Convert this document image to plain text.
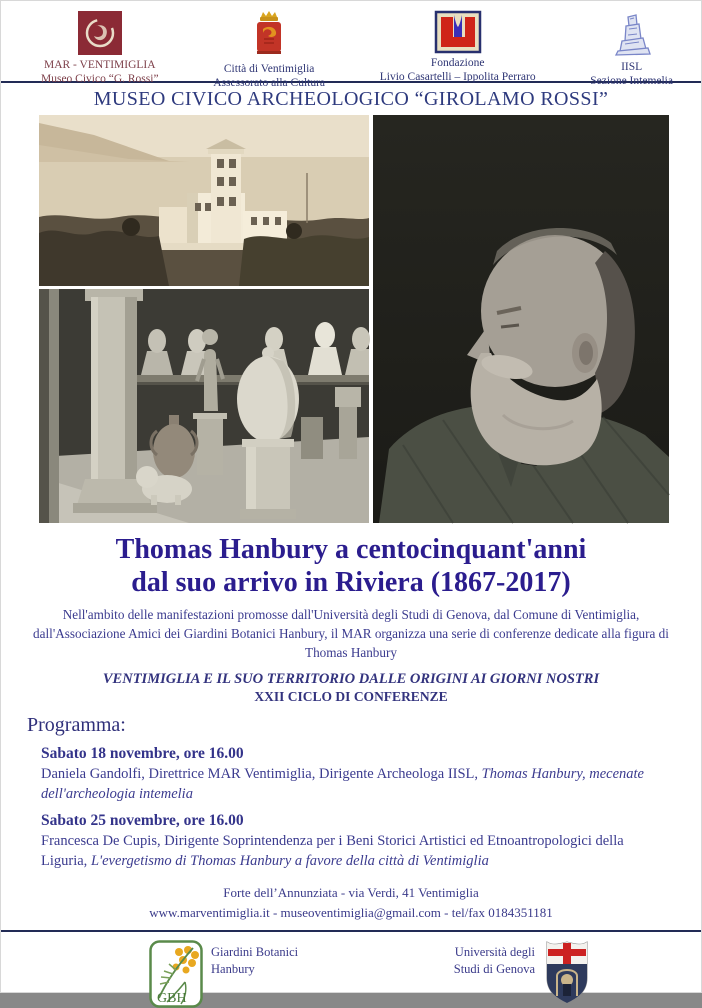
MAR - VENTIMIGLIA
Museo Civico “G. Rossi”
Città di Ventimiglia
Assessorato alla Cultura
Fondazione
Livio Casartelli – Ippolita Perraro
IISL
Sezione Intemelia
MUSEO CIVICO ARCHEOLOGICO “GIROLAMO ROSSI”
Thomas Hanbury a centocinquant'anni
dal suo arrivo in Riviera (1867-2017)
Nell'ambito delle manifestazioni promosse dall'Università degli Studi di Genova, dal Comune di Ventimiglia, dall'Associazione Amici dei Giardini Botanici Hanbury, il MAR organizza una serie di conferenze dedicate alla figura di Thomas Hanbury
VENTIMIGLIA E IL SUO TERRITORIO DALLE ORIGINI AI GIORNI NOSTRI
XXII CICLO DI CONFERENZE
Programma:
Sabato 18 novembre, ore 16.00
Daniela Gandolfi, Direttrice MAR Ventimiglia, Dirigente Archeologa IISL, Thomas Hanbury, mecenate dell'archeologia intemelia
Sabato 25 novembre, ore 16.00
Francesca De Cupis, Dirigente Soprintendenza per i Beni Storici Artistici ed Etnoantropologici della Liguria, L'evergetismo di Thomas Hanbury a favore della città di Ventimiglia
Forte dell’Annunziata - via Verdi, 41 Ventimiglia
www.marventimiglia.it - museoventimiglia@gmail.com - tel/fax 0184351181
GBH
Giardini Botanici
Hanbury
Università degli
Studi di Genova
